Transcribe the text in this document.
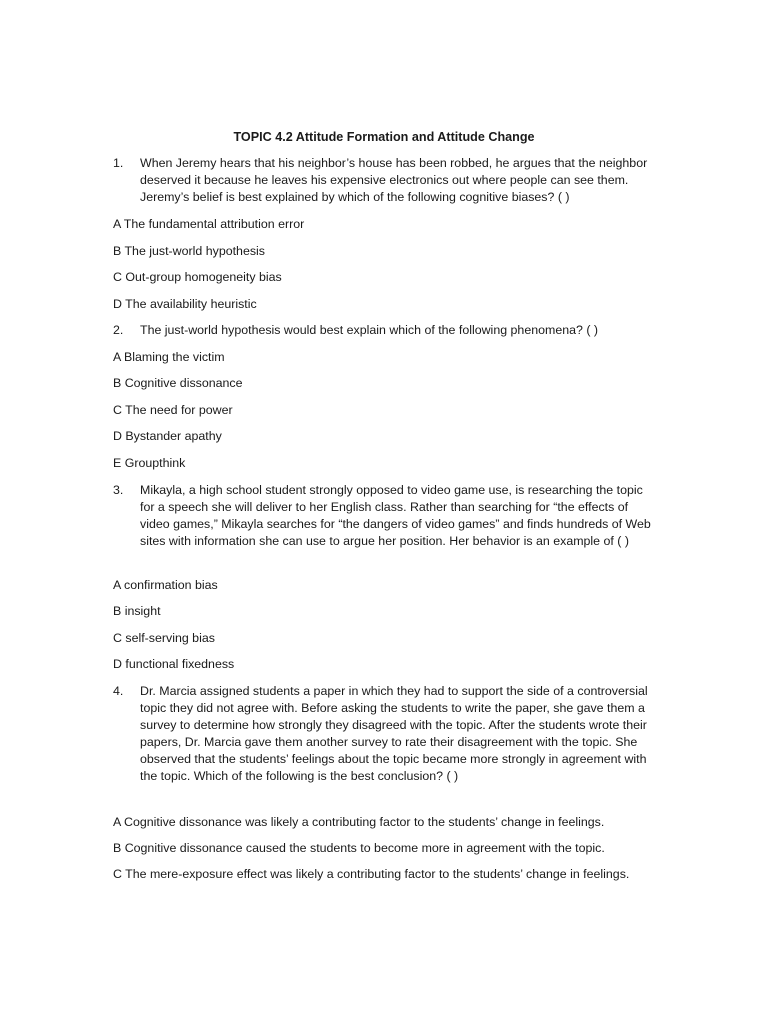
TOPIC 4.2 Attitude Formation and Attitude Change
1.	When Jeremy hears that his neighbor’s house has been robbed, he argues that the neighbor deserved it because he leaves his expensive electronics out where people can see them. Jeremy’s belief is best explained by which of the following cognitive biases? ( )
A The fundamental attribution error
B The just-world hypothesis
C Out-group homogeneity bias
D The availability heuristic
2.	The just-world hypothesis would best explain which of the following phenomena? ( )
A Blaming the victim
B Cognitive dissonance
C The need for power
D Bystander apathy
E Groupthink
3.	Mikayla, a high school student strongly opposed to video game use, is researching the topic for a speech she will deliver to her English class. Rather than searching for “the effects of video games,” Mikayla searches for “the dangers of video games” and finds hundreds of Web sites with information she can use to argue her position. Her behavior is an example of ( )
A confirmation bias
B insight
C self-serving bias
D functional fixedness
4.	Dr. Marcia assigned students a paper in which they had to support the side of a controversial topic they did not agree with. Before asking the students to write the paper, she gave them a survey to determine how strongly they disagreed with the topic. After the students wrote their papers, Dr. Marcia gave them another survey to rate their disagreement with the topic. She observed that the students’ feelings about the topic became more strongly in agreement with the topic. Which of the following is the best conclusion? ( )
A Cognitive dissonance was likely a contributing factor to the students’ change in feelings.
B Cognitive dissonance caused the students to become more in agreement with the topic.
C The mere-exposure effect was likely a contributing factor to the students’ change in feelings.
